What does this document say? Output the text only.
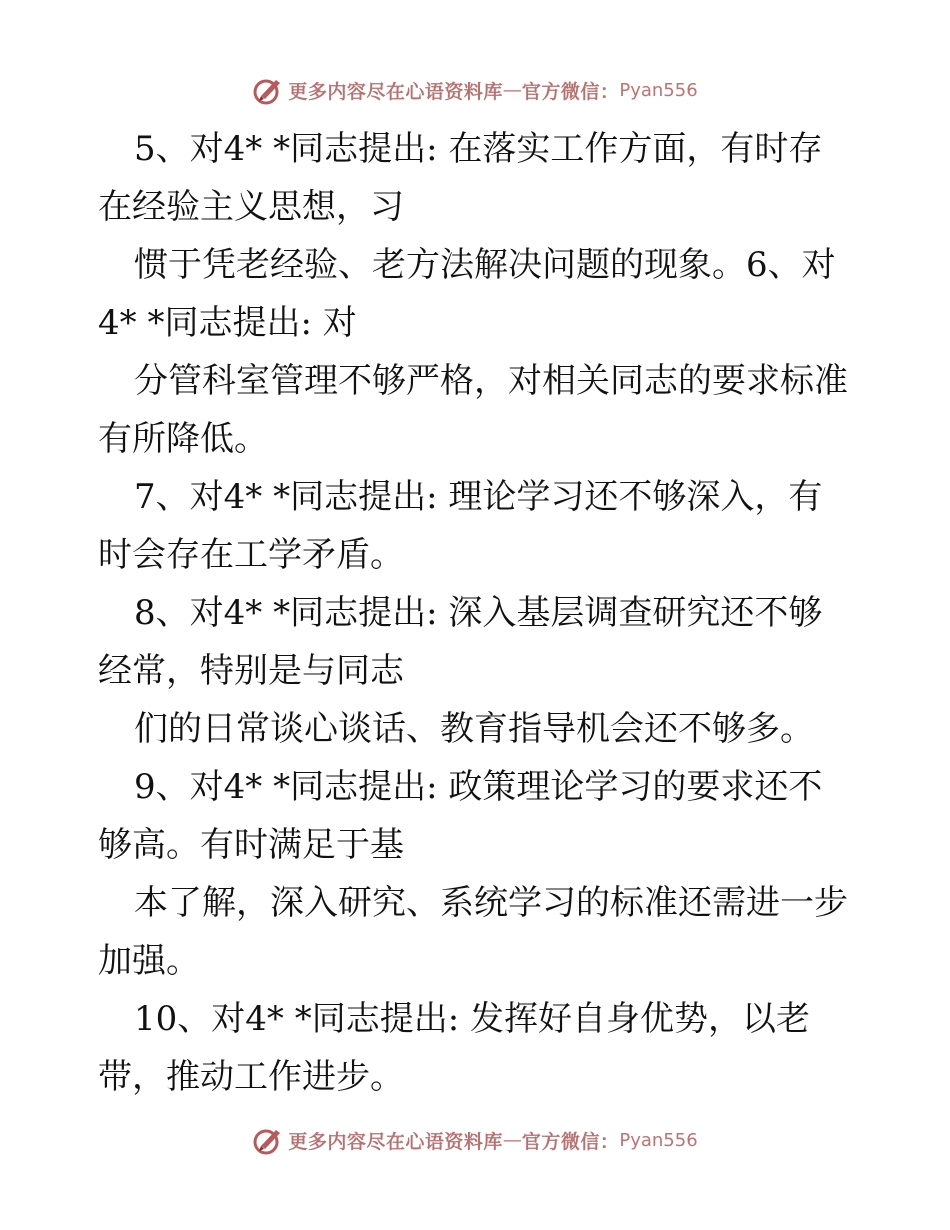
更多内容尽在心语资料库 — 官方微信： Pyan556
5、对4* *同志提出: 在落实工作方面，有时存
在经验主义思想，习
惯于凭老经验、老方法解决问题的现象。6、对
4* *同志提出: 对
分管科室管理不够严格，对相关同志的要求标准
有所降低。
7、对4* *同志提出: 理论学习还不够深入，有
时会存在工学矛盾。
8、对4* *同志提出: 深入基层调查研究还不够
经常，特别是与同志
们的日常谈心谈话、教育指导机会还不够多。
9、对4* *同志提出: 政策理论学习的要求还不
够高。有时满足于基
本了解，深入研究、系统学习的标准还需进一步
加强。
10、对4* *同志提出: 发挥好自身优势，以老
带，推动工作进步。
更多内容尽在心语资料库 — 官方微信： Pyan556
